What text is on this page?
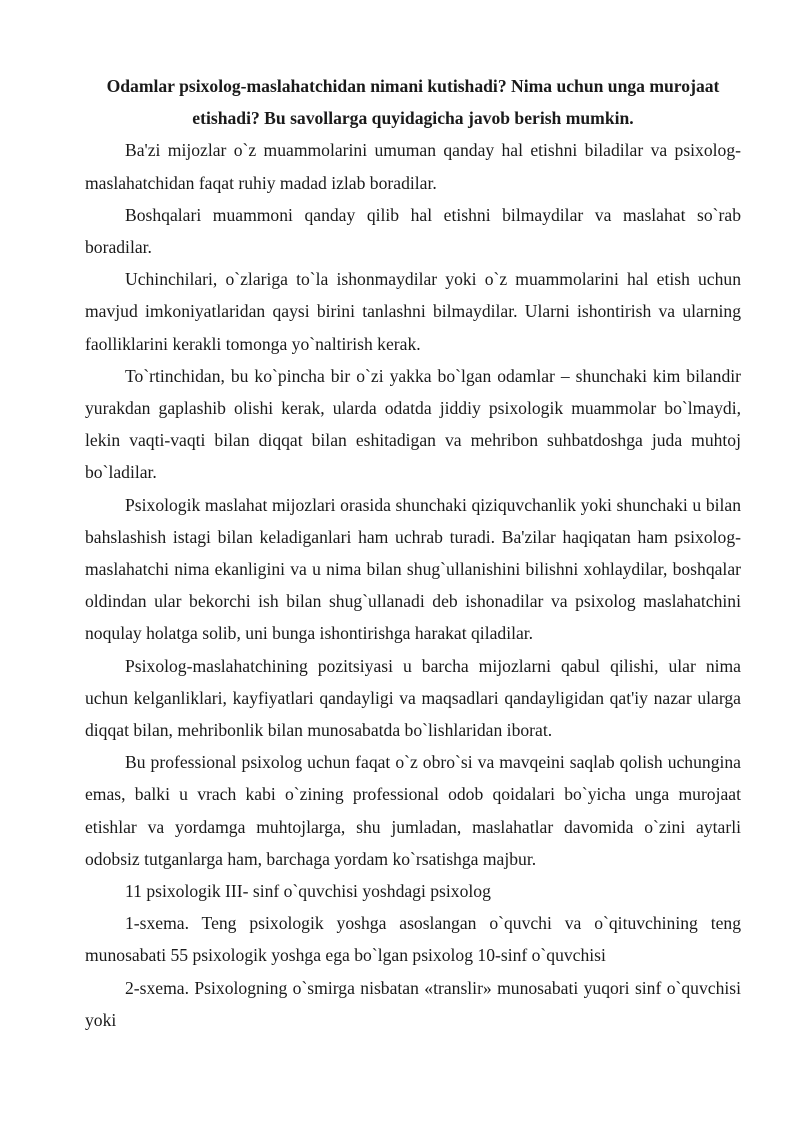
Odamlar psixolog-maslahatchidan nimani kutishadi? Nima uchun unga murojaat etishadi? Bu savollarga quyidagicha javob berish mumkin.

Ba'zi mijozlar o`z muammolarini umuman qanday hal etishni biladilar va psixolog-maslahatchidan faqat ruhiy madad izlab boradilar.

Boshqalari muammoni qanday qilib hal etishni bilmaydilar va maslahat so`rab boradilar.

Uchinchilari, o`zlariga to`la ishonmaydilar yoki o`z muammolarini hal etish uchun mavjud imkoniyatlaridan qaysi birini tanlashni bilmaydilar. Ularni ishontirish va ularning faolliklarini kerakli tomonga yo`naltirish kerak.

To`rtinchidan, bu ko`pincha bir o`zi yakka bo`lgan odamlar – shunchaki kim bilandir yurakdan gaplashib olishi kerak, ularda odatda jiddiy psixologik muammolar bo`lmaydi, lekin vaqti-vaqti bilan diqqat bilan eshitadigan va mehribon suhbatdoshga juda muhtoj bo`ladilar.

Psixologik maslahat mijozlari orasida shunchaki qiziquvchanlik yoki shunchaki u bilan bahslashish istagi bilan keladiganlari ham uchrab turadi. Ba'zilar haqiqatan ham psixolog-maslahatchi nima ekanligini va u nima bilan shug`ullanishini bilishni xohlaydilar, boshqalar oldindan ular bekorchi ish bilan shug`ullanadi deb ishonadilar va psixolog maslahatchini noqulay holatga solib, uni bunga ishontirishga harakat qiladilar.

Psixolog-maslahatchining pozitsiyasi u barcha mijozlarni qabul qilishi, ular nima uchun kelganliklari, kayfiyatlari qandayligi va maqsadlari qandayligidan qat'iy nazar ularga diqqat bilan, mehribonlik bilan munosabatda bo`lishlaridan iborat.

Bu professional psixolog uchun faqat o`z obro`si va mavqeini saqlab qolish uchungina emas, balki u vrach kabi o`zining professional odob qoidalari bo`yicha unga murojaat etishlar va yordamga muhtojlarga, shu jumladan, maslahatlar davomida o`zini aytarli odobsiz tutganlarga ham, barchaga yordam ko`rsatishga majbur.

11 psixologik III- sinf o`quvchisi yoshdagi psixolog

1-sxema. Teng psixologik yoshga asoslangan o`quvchi va o`qituvchining teng munosabati 55 psixologik yoshga ega bo`lgan psixolog 10-sinf o`quvchisi

2-sxema. Psixologning o`smirga nisbatan «translir» munosabati yuqori sinf o`quvchisi yoki
